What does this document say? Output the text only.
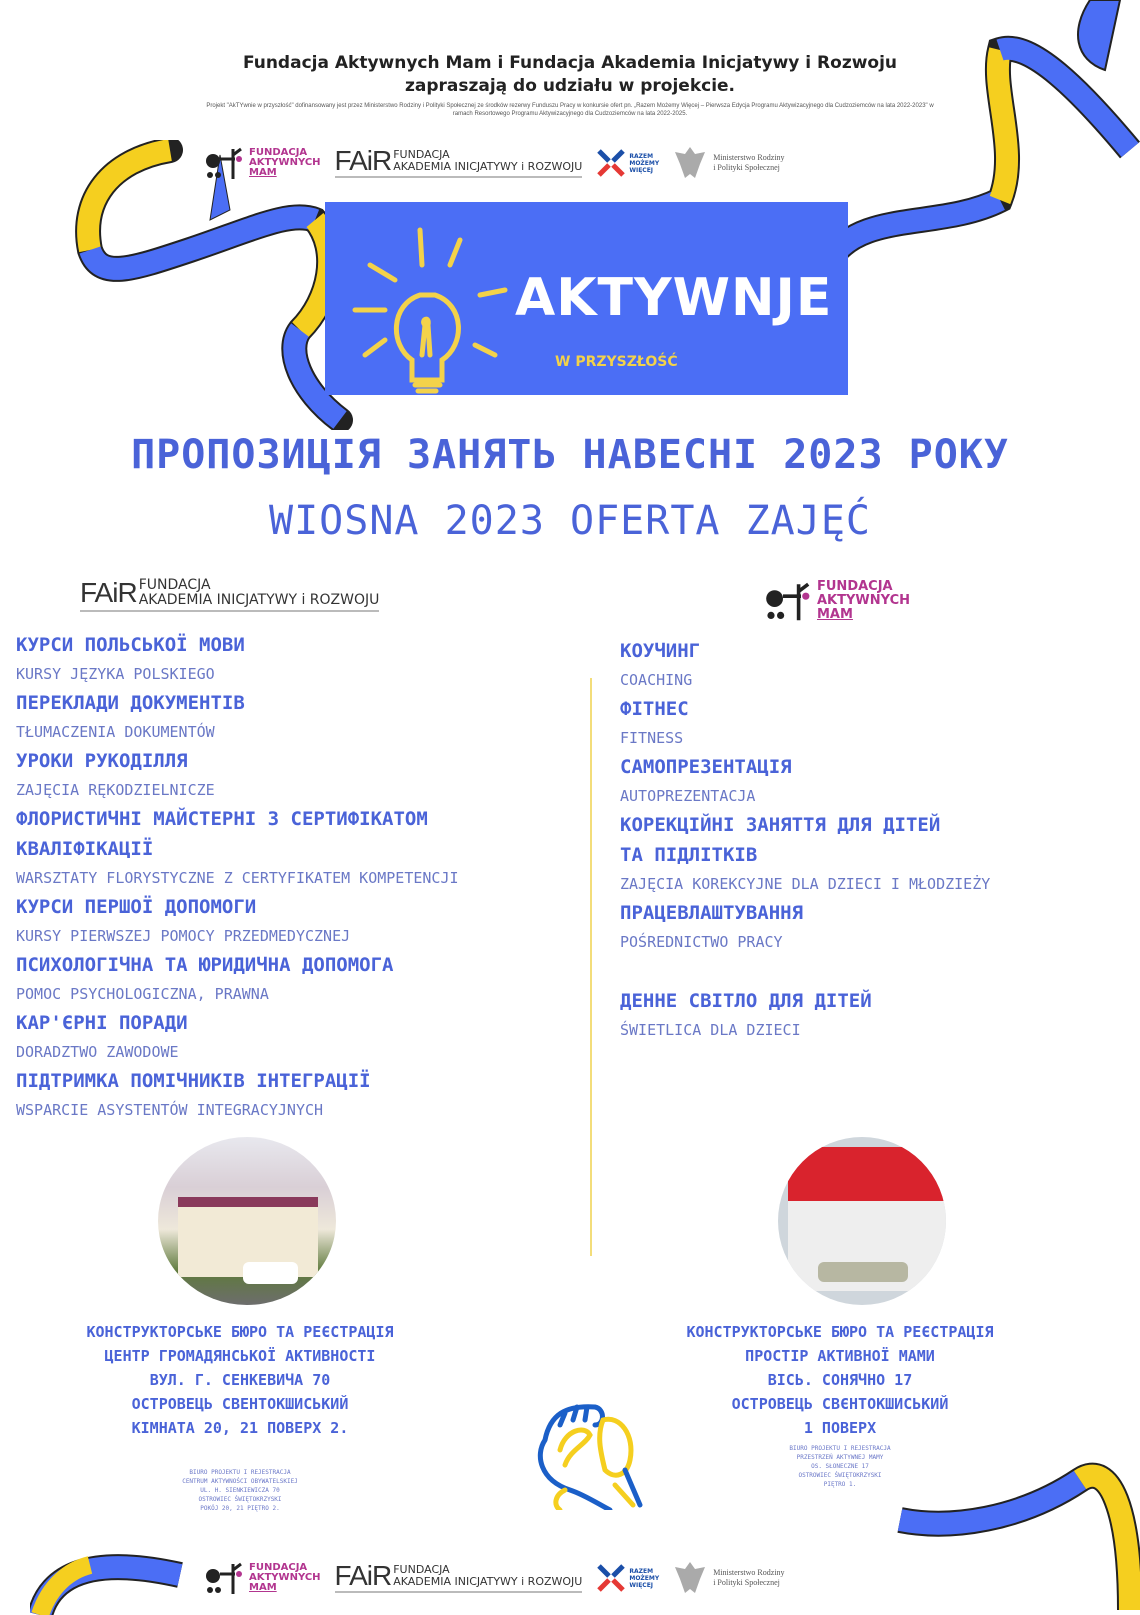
Fundacja Aktywnych Mam i Fundacja Akademia Inicjatywy i Rozwoju
zapraszają do udziału w projekcie.
Projekt "AkTYwnie w przyszłość" dofinansowany jest przez Ministerstwo Rodziny i Polityki Społecznej ze środków rezerwy Funduszu Pracy w konkursie ofert pn. „Razem Możemy Więcej – Pierwsza Edycja Programu Aktywizacyjnego dla Cudzoziemców na lata 2022-2023" w ramach Resortowego Programu Aktywizacyjnego dla Cudzoziemców na lata 2022-2025.
FUNDACJA
AKTYWNYCH
MAM	FAiR FUNDACJA
AKADEMIA INICJATYWY i ROZWOJU
RAZEM
MOŻEMY
WIĘCEJ
Ministerstwo Rodziny
i Polityki Społecznej
AKTYWNJE
W PRZYSZŁOŚĆ
ПРОПОЗИЦІЯ ЗАНЯТЬ НАВЕСНІ 2023 РОКУ
WIOSNA 2023 OFERTA ZAJĘĆ
FAiR FUNDACJA
AKADEMIA INICJATYWY i ROZWOJU
КУРСИ ПОЛЬСЬКОЇ МОВИ
KURSY JĘZYKA POLSKIEGO
ПЕРЕКЛАДИ ДОКУМЕНТІВ
TŁUMACZENIA DOKUMENTÓW
УРОКИ РУКОДІЛЛЯ
ZAJĘCIA RĘKODZIELNICZE
ФЛОРИСТИЧНІ МАЙСТЕРНІ З СЕРТИФІКАТОМ
КВАЛІФІКАЦІЇ
WARSZTATY FLORYSTYCZNE Z CERTYFIKATEM KOMPETENCJI
КУРСИ ПЕРШОЇ ДОПОМОГИ
KURSY PIERWSZEJ POMOCY PRZEDMEDYCZNEJ
ПСИХОЛОГІЧНА ТА ЮРИДИЧНА ДОПОМОГА
POMOC PSYCHOLOGICZNA, PRAWNA
КАР'ЄРНІ ПОРАДИ
DORADZTWO ZAWODOWE
ПІДТРИМКА ПОМІЧНИКІВ ІНТЕГРАЦІЇ
WSPARCIE ASYSTENTÓW INTEGRACYJNYCH
FUNDACJA
AKTYWNYCH
MAM
КОУЧИНГ
COACHING
ФІТНЕС
FITNESS
САМОПРЕЗЕНТАЦІЯ
AUTOPREZENTACJA
КОРЕКЦІЙНІ ЗАНЯТТЯ ДЛЯ ДІТЕЙ
ТА ПІДЛІТКІВ
ZAJĘCIA KOREKCYJNE DLA DZIECI I MŁODZIEŻY
ПРАЦЕВЛАШТУВАННЯ
POŚREDNICTWO PRACY
ДЕННЕ СВІТЛО ДЛЯ ДІТЕЙ
ŚWIETLICA DLA DZIECI
КОНСТРУКТОРСЬКЕ БЮРО ТА РЕЄСТРАЦІЯ
ЦЕНТР ГРОМАДЯНСЬКОЇ АКТИВНОСТІ
ВУЛ. Г. СЕНКЕВИЧА 70
ОСТРОВЕЦЬ СВЕНТОКШИСЬКИЙ
КІМНАТА 20, 21 ПОВЕРХ 2.
BIURO PROJEKTU I REJESTRACJA
CENTRUM AKTYWNOŚCI OBYWATELSKIEJ
UL. H. SIENKIEWICZA 70
OSTROWIEC ŚWIĘTOKRZYSKI
POKÓJ 20, 21 PIĘTRO 2.
КОНСТРУКТОРСЬКЕ БЮРО ТА РЕЄСТРАЦІЯ
ПРОСТІР АКТИВНОЇ МАМИ
ВІСЬ. СОНЯЧНО 17
ОСТРОВЕЦЬ СВЄНТОКШИСЬКИЙ
1 ПОВЕРХ
BIURO PROJEKTU I REJESTRACJA
PRZESTRZEŃ AKTYWNEJ MAMY
OS. SŁONECZNE 17
OSTROWIEC ŚWIĘTOKRZYSKI
PIĘTRO 1.
FUNDACJA
AKTYWNYCH
MAM	FAiR FUNDACJA
AKADEMIA INICJATYWY i ROZWOJU
RAZEM
MOŻEMY
WIĘCEJ
Ministerstwo Rodziny
i Polityki Społecznej
